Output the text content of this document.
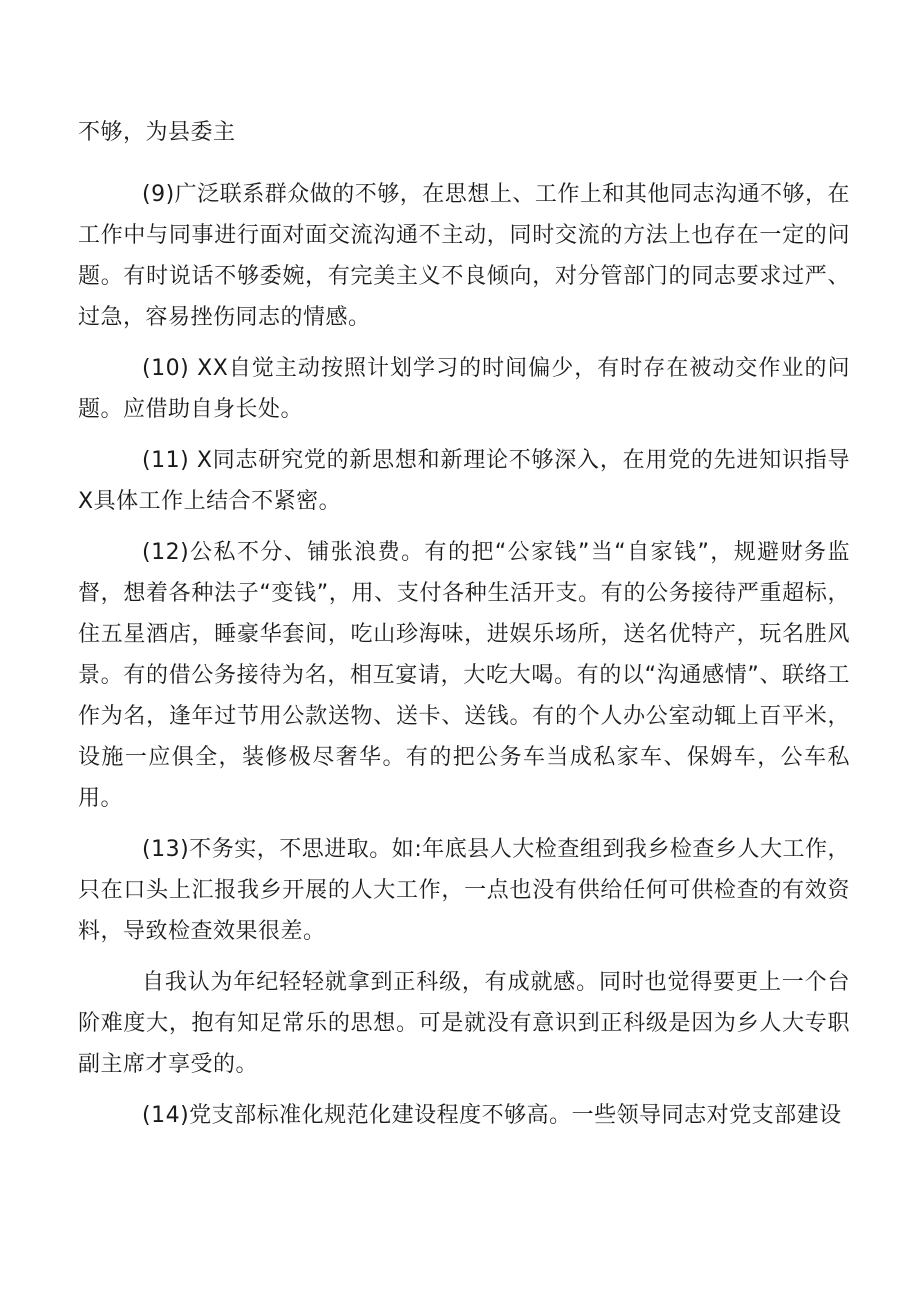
不够，为县委主

(9)广泛联系群众做的不够，在思想上、工作上和其他同志沟通不够，在工作中与同事进行面对面交流沟通不主动，同时交流的方法上也存在一定的问题。有时说话不够委婉，有完美主义不良倾向，对分管部门的同志要求过严、过急，容易挫伤同志的情感。

(10) XX自觉主动按照计划学习的时间偏少，有时存在被动交作业的问题。应借助自身长处。

(11) X同志研究党的新思想和新理论不够深入，在用党的先进知识指导X具体工作上结合不紧密。

(12)公私不分、铺张浪费。有的把“公家钱”当“自家钱”，规避财务监督，想着各种法子“变钱”，用、支付各种生活开支。有的公务接待严重超标，住五星酒店，睡豪华套间，吃山珍海味，进娱乐场所，送名优特产，玩名胜风景。有的借公务接待为名，相互宴请，大吃大喝。有的以“沟通感情”、联络工作为名，逢年过节用公款送物、送卡、送钱。有的个人办公室动辄上百平米，设施一应俱全，装修极尽奢华。有的把公务车当成私家车、保姆车，公车私用。

(13)不务实，不思进取。如:年底县人大检查组到我乡检查乡人大工作，只在口头上汇报我乡开展的人大工作，一点也没有供给任何可供检查的有效资料，导致检查效果很差。

自我认为年纪轻轻就拿到正科级，有成就感。同时也觉得要更上一个台阶难度大，抱有知足常乐的思想。可是就没有意识到正科级是因为乡人大专职副主席才享受的。

(14)党支部标准化规范化建设程度不够高。一些领导同志对党支部建设
